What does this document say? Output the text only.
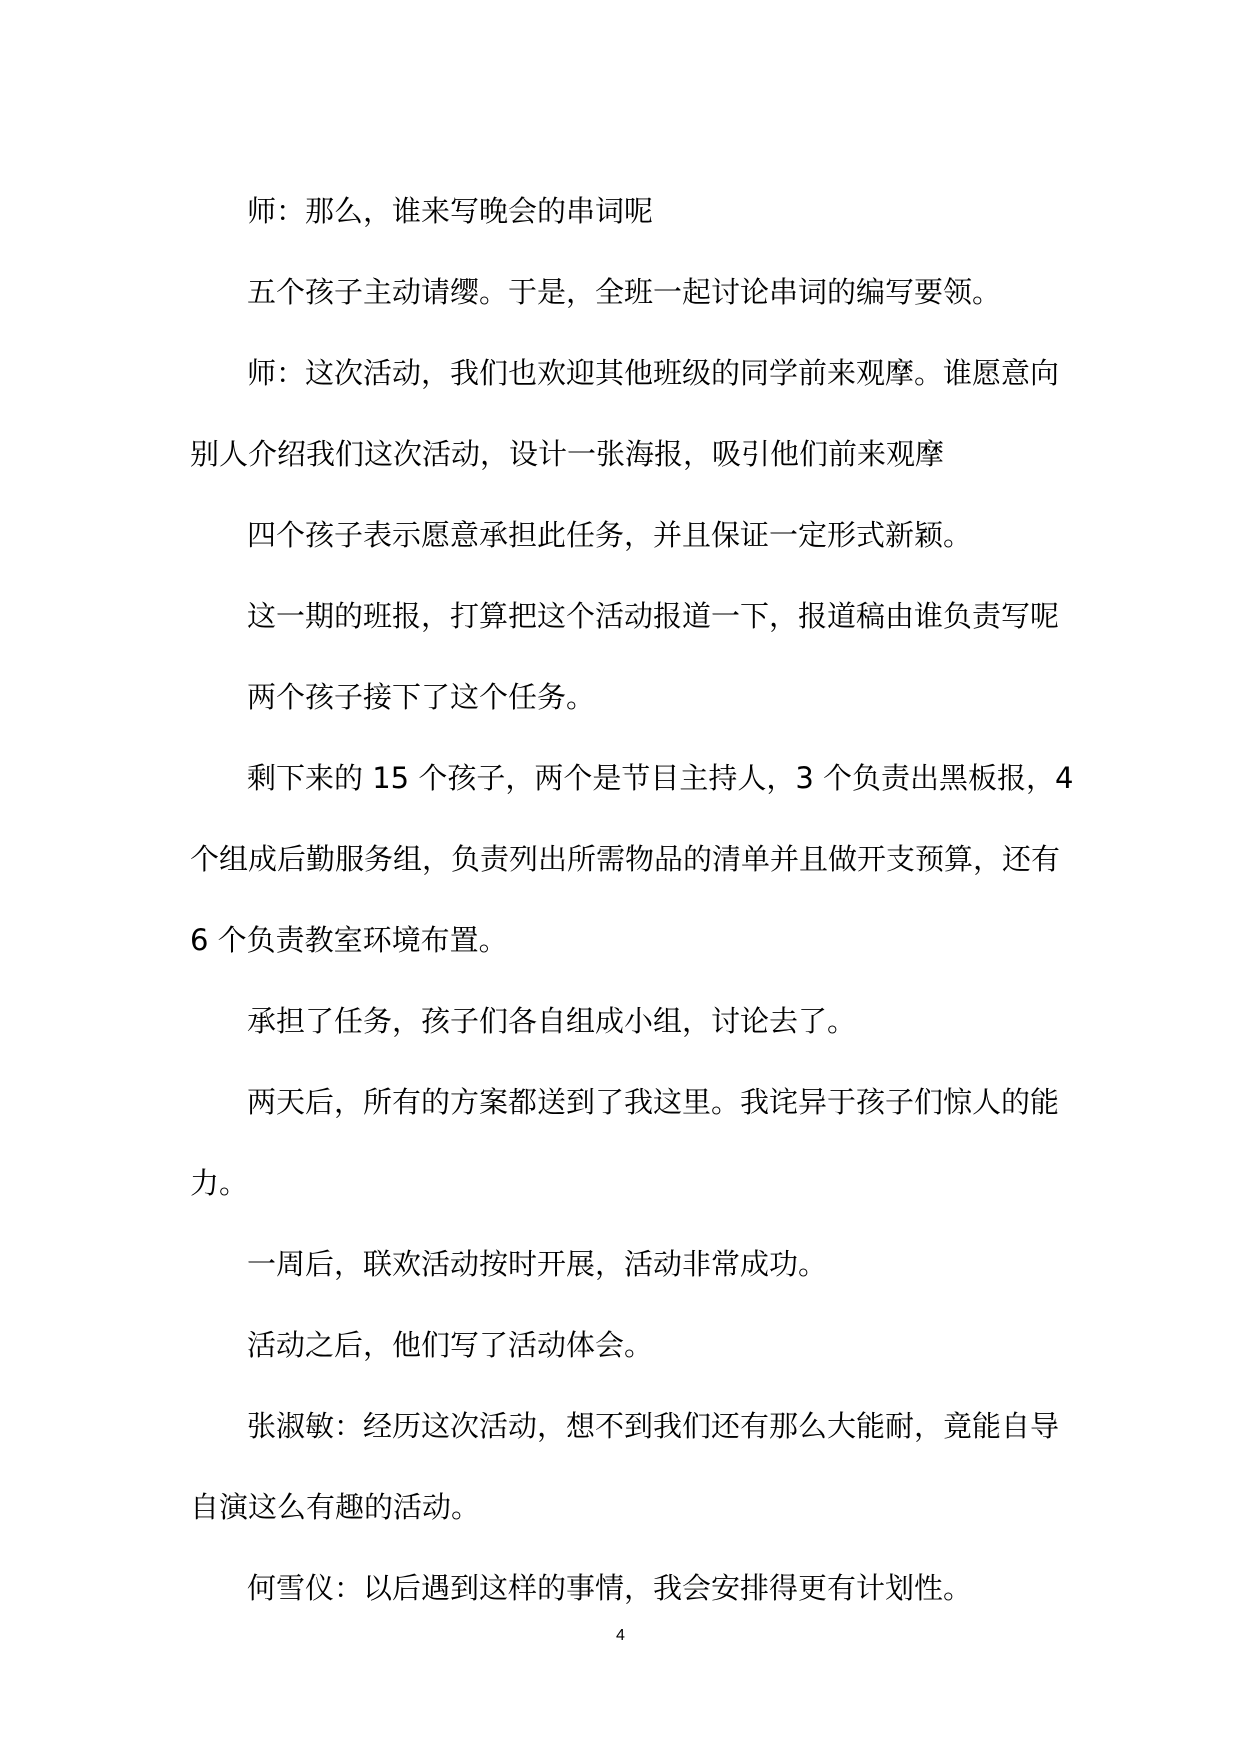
师：那么，谁来写晚会的串词呢
五个孩子主动请缨。于是，全班一起讨论串词的编写要领。
师：这次活动，我们也欢迎其他班级的同学前来观摩。谁愿意向
别人介绍我们这次活动，设计一张海报，吸引他们前来观摩
四个孩子表示愿意承担此任务，并且保证一定形式新颖。
这一期的班报，打算把这个活动报道一下，报道稿由谁负责写呢
两个孩子接下了这个任务。
剩下来的 15 个孩子，两个是节目主持人，3 个负责出黑板报，4
个组成后勤服务组，负责列出所需物品的清单并且做开支预算，还有
6 个负责教室环境布置。
承担了任务，孩子们各自组成小组，讨论去了。
两天后，所有的方案都送到了我这里。我诧异于孩子们惊人的能
力。
一周后，联欢活动按时开展，活动非常成功。
活动之后，他们写了活动体会。
张淑敏：经历这次活动，想不到我们还有那么大能耐，竟能自导
自演这么有趣的活动。
何雪仪：以后遇到这样的事情，我会安排得更有计划性。
4
